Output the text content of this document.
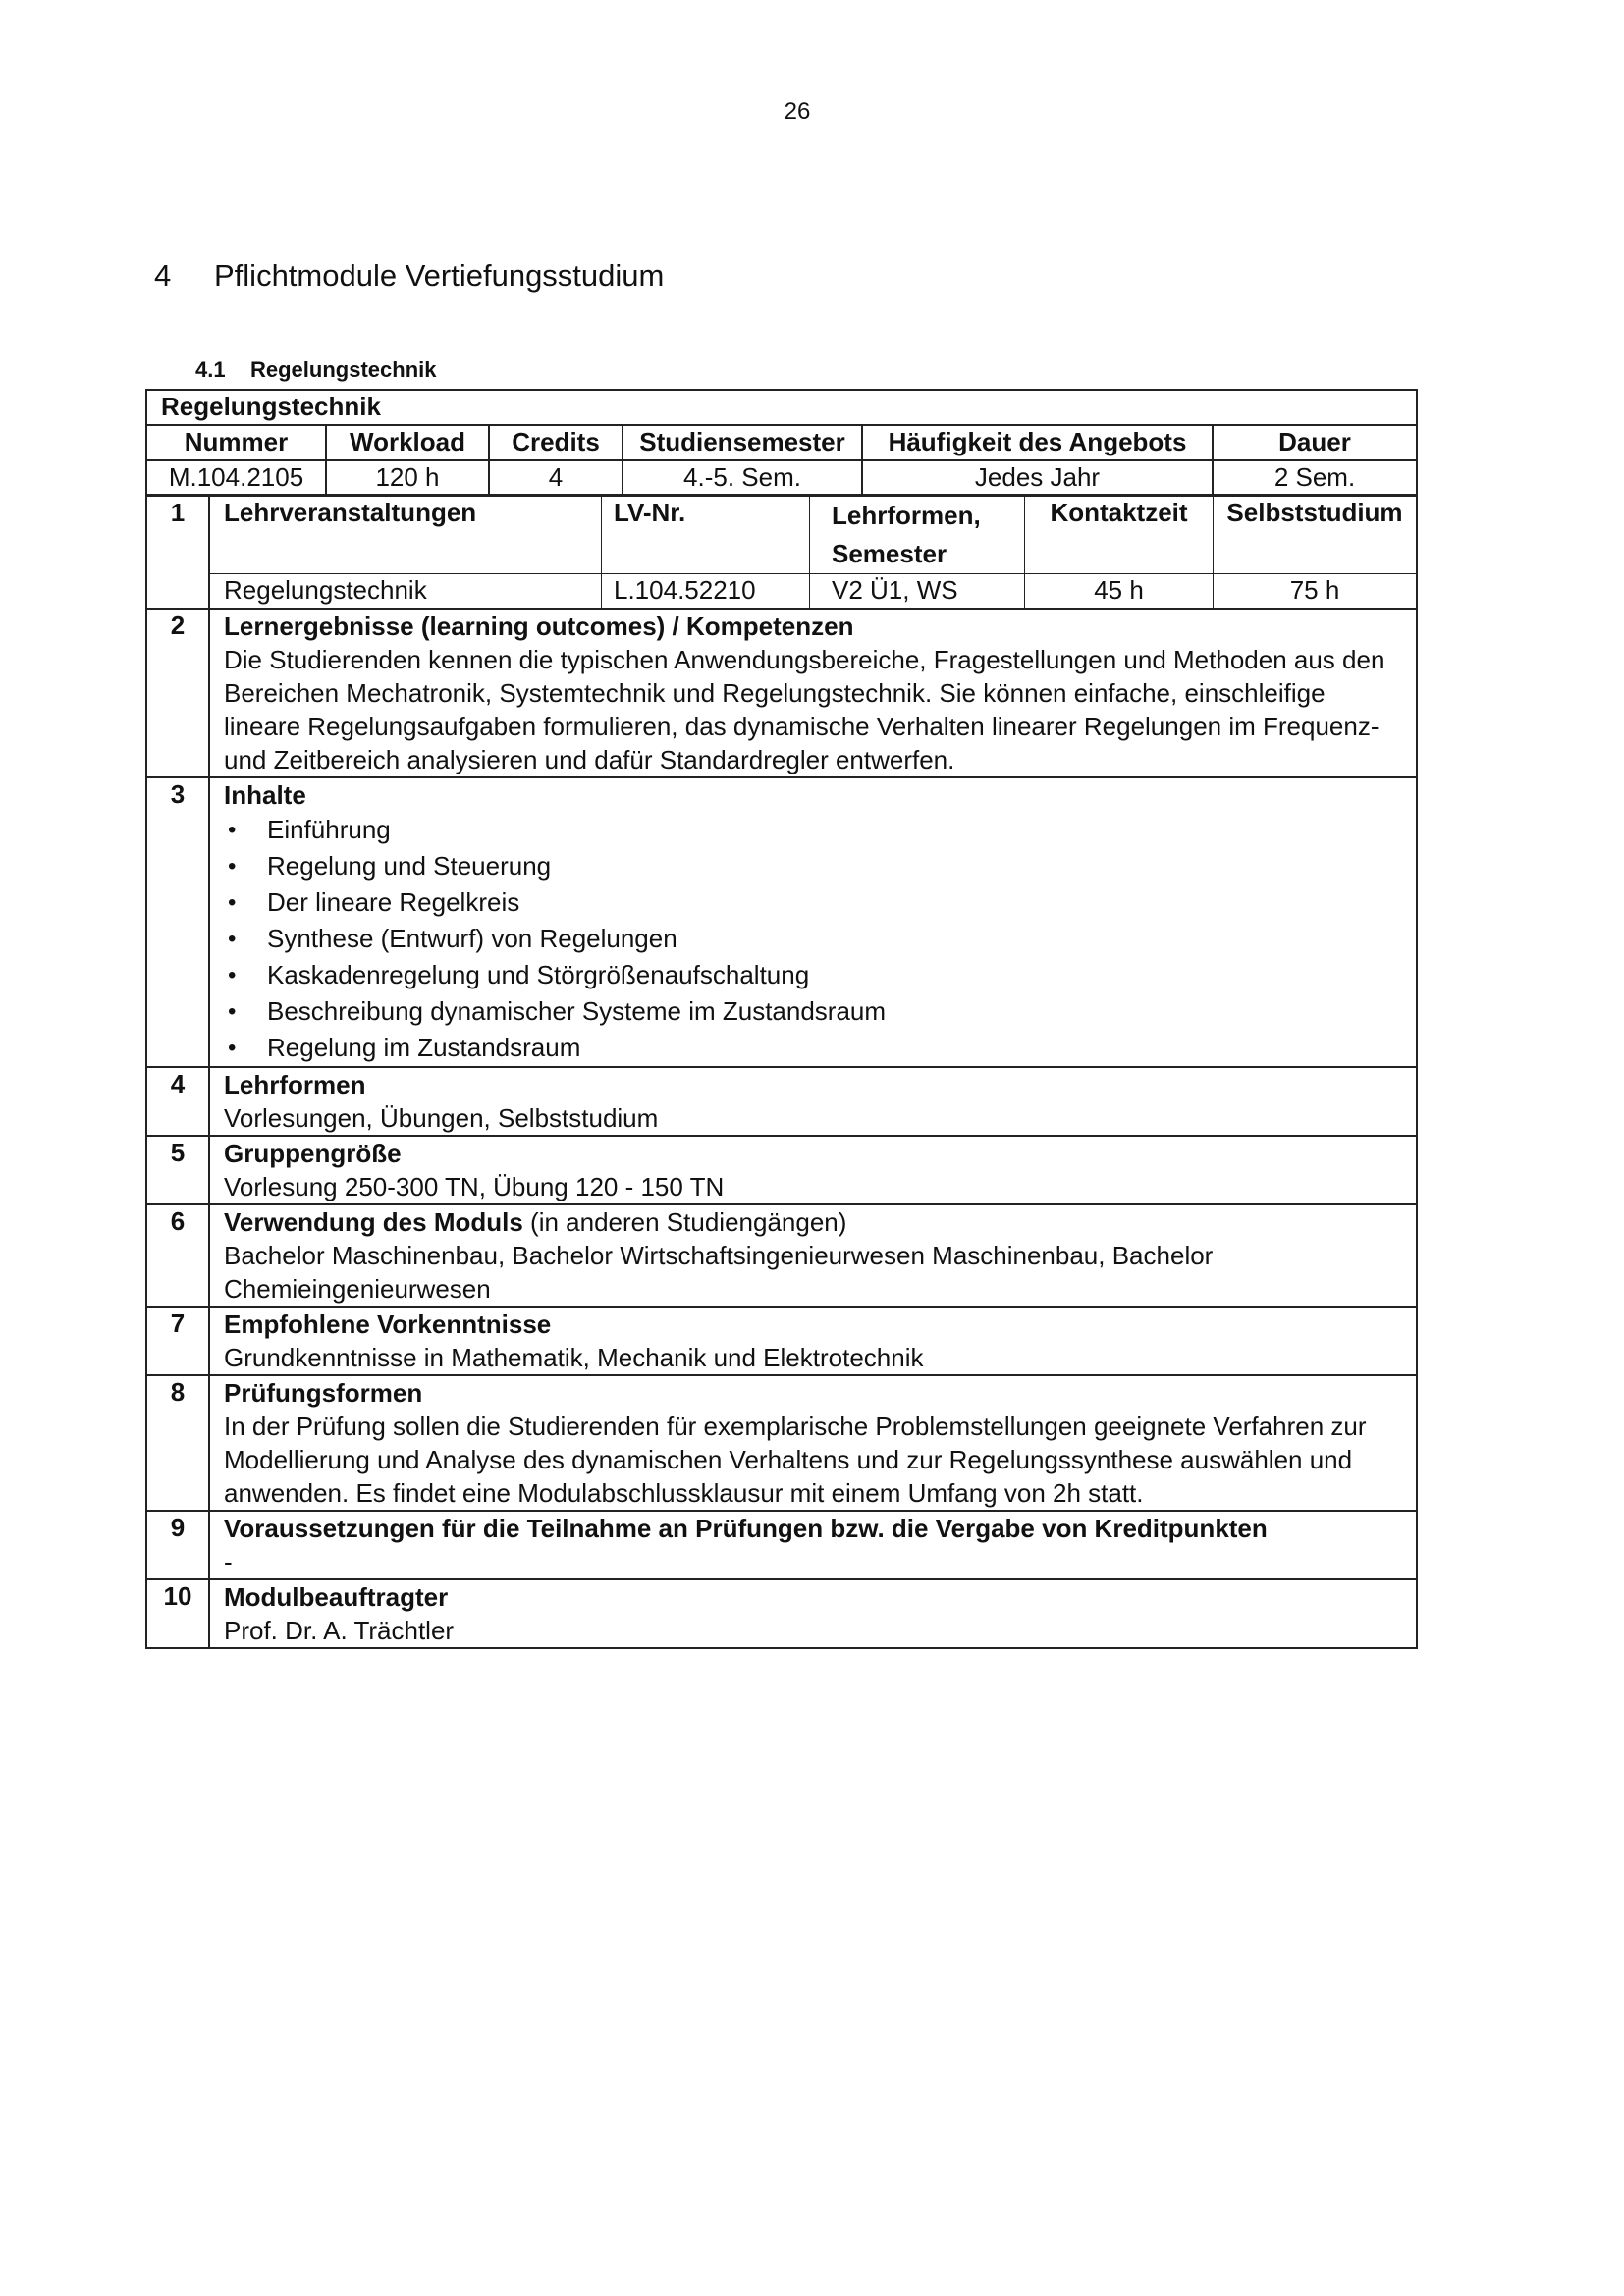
26
4 Pflichtmodule Vertiefungsstudium
4.1 Regelungstechnik
Regelungstechnik					
Nummer	Workload	Credits	Studiensemester	Häufigkeit des Angebots	Dauer
M.104.2105	120 h	4	4.-5. Sem.	Jedes Jahr	2 Sem.
1	Lehrveranstaltungen	LV-Nr.	Lehrformen, Semester	Kontaktzeit	Selbststudium
Regelungstechnik	L.104.52210	V2 Ü1, WS	45 h	75 h

2	Lernergebnisse (learning outcomes) / Kompetenzen
Die Studierenden kennen die typischen Anwendungsbereiche, Fragestellungen und Methoden aus den Bereichen Mechatronik, Systemtechnik und Regelungstechnik. Sie können einfache, einschleifige lineare Regelungsaufgaben formulieren, das dynamische Verhalten linearer Regelungen im Frequenz- und Zeitbereich analysieren und dafür Standardregler entwerfen.

3	Inhalte
• Einführung
• Regelung und Steuerung
• Der lineare Regelkreis
• Synthese (Entwurf) von Regelungen
• Kaskadenregelung und Störgrößenaufschaltung
• Beschreibung dynamischer Systeme im Zustandsraum
• Regelung im Zustandsraum

4	Lehrformen
Vorlesungen, Übungen, Selbststudium

5	Gruppengröße
Vorlesung 250-300 TN, Übung 120 - 150 TN

6	Verwendung des Moduls (in anderen Studiengängen)
Bachelor Maschinenbau, Bachelor Wirtschaftsingenieurwesen Maschinenbau, Bachelor Chemieingenieurwesen

7	Empfohlene Vorkenntnisse
Grundkenntnisse in Mathematik, Mechanik und Elektrotechnik

8	Prüfungsformen
In der Prüfung sollen die Studierenden für exemplarische Problemstellungen geeignete Verfahren zur Modellierung und Analyse des dynamischen Verhaltens und zur Regelungssynthese auswählen und anwenden. Es findet eine Modulabschlussklausur mit einem Umfang von 2h statt.

9	Voraussetzungen für die Teilnahme an Prüfungen bzw. die Vergabe von Kreditpunkten
-

10	Modulbeauftragter
Prof. Dr. A. Trächtler
